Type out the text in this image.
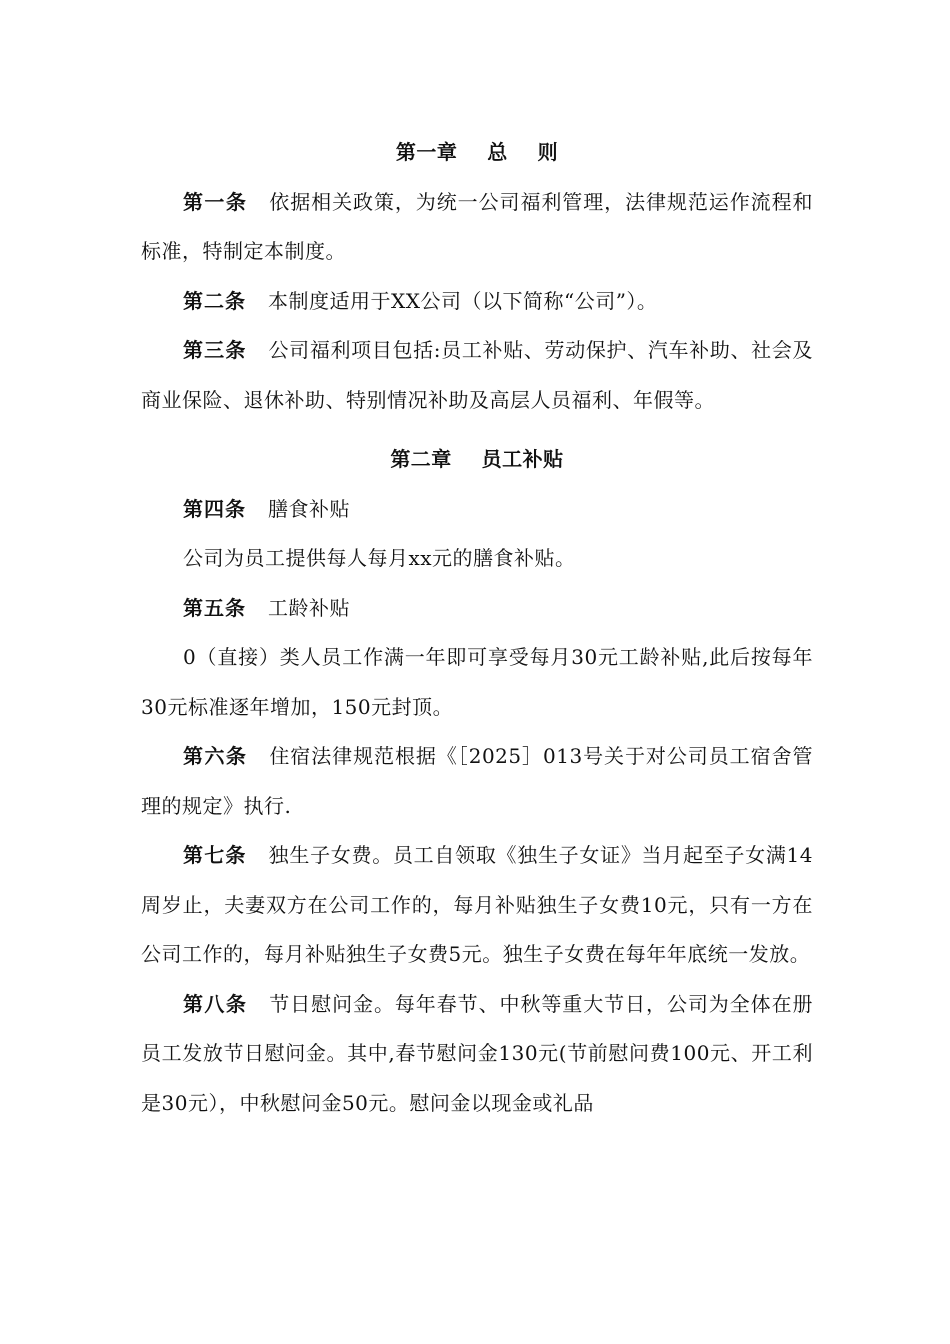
第一章    总    则

第一条 依据相关政策，为统一公司福利管理，法律规范运作流程和标准，特制定本制度。

第二条 本制度适用于XX公司（以下简称“公司”）。

第三条 公司福利项目包括:员工补贴、劳动保护、汽车补助、社会及商业保险、退休补助、特别情况补助及高层人员福利、年假等。

第二章    员工补贴

第四条 膳食补贴

公司为员工提供每人每月xx元的膳食补贴。

第五条 工龄补贴

0（直接）类人员工作满一年即可享受每月30元工龄补贴,此后按每年30元标准逐年增加，150元封顶。

第六条 住宿法律规范根据《［2025］013号关于对公司员工宿舍管理的规定》执行.

第七条 独生子女费。员工自领取《独生子女证》当月起至子女满14周岁止，夫妻双方在公司工作的，每月补贴独生子女费10元，只有一方在公司工作的，每月补贴独生子女费5元。独生子女费在每年年底统一发放。

第八条 节日慰问金。每年春节、中秋等重大节日，公司为全体在册员工发放节日慰问金。其中,春节慰问金130元(节前慰问费100元、开工利是30元），中秋慰问金50元。慰问金以现金或礼品
